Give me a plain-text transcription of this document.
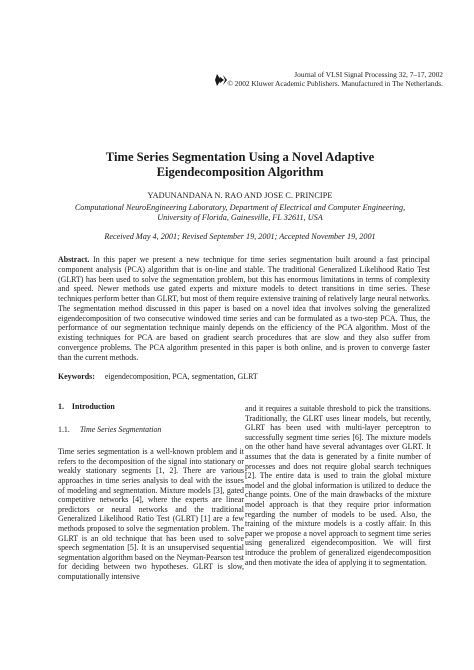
Journal of VLSI Signal Processing 32, 7–17, 2002
© 2002 Kluwer Academic Publishers. Manufactured in The Netherlands.
Time Series Segmentation Using a Novel Adaptive
Eigendecomposition Algorithm
YADUNANDANA N. RAO AND JOSE C. PRINCIPE
Computational NeuroEngineering Laboratory, Department of Electrical and Computer Engineering,
University of Florida, Gainesville, FL 32611, USA
Received May 4, 2001; Revised September 19, 2001; Accepted November 19, 2001
Abstract. In this paper we present a new technique for time series segmentation built around a fast principal component analysis (PCA) algorithm that is on-line and stable. The traditional Generalized Likelihood Ratio Test (GLRT) has been used to solve the segmentation problem, but this has enormous limitations in terms of complexity and speed. Newer methods use gated experts and mixture models to detect transitions in time series. These techniques perform better than GLRT, but most of them require extensive training of relatively large neural networks. The segmentation method discussed in this paper is based on a novel idea that involves solving the generalized eigendecomposition of two consecutive windowed time series and can be formulated as a two-step PCA. Thus, the performance of our segmentation technique mainly depends on the efficiency of the PCA algorithm. Most of the existing techniques for PCA are based on gradient search procedures that are slow and they also suffer from convergence problems. The PCA algorithm presented in this paper is both online, and is proven to converge faster than the current methods.
Keywords: eigendecomposition, PCA, segmentation, GLRT
1. Introduction
1.1. Time Series Segmentation

Time series segmentation is a well-known problem and it refers to the decomposition of the signal into stationary or weakly stationary segments [1, 2]. There are various approaches in time series analysis to deal with the issues of modeling and segmentation. Mixture models [3], gated competitive networks [4], where the experts are linear predictors or neural networks and the traditional Generalized Likelihood Ratio Test (GLRT) [1] are a few methods proposed to solve the segmentation problem. The GLRT is an old technique that has been used to solve speech segmentation [5]. It is an unsupervised sequential segmentation algorithm based on the Neyman-Pearson test for deciding between two hypotheses. GLRT is slow, computationally intensive

and it requires a suitable threshold to pick the transitions. Traditionally, the GLRT uses linear models, but recently, GLRT has been used with multi-layer perceptron to successfully segment time series [6]. The mixture models on the other hand have several advantages over GLRT. It assumes that the data is generated by a finite number of processes and does not require global search techniques [2]. The entire data is used to train the global mixture model and the global information is utilized to deduce the change points. One of the main drawbacks of the mixture model approach is that they require prior information regarding the number of models to be used. Also, the training of the mixture models is a costly affair. In this paper we propose a novel approach to segment time series using generalized eigendecomposition. We will first introduce the problem of generalized eigendecomposition and then motivate the idea of applying it to segmentation.
